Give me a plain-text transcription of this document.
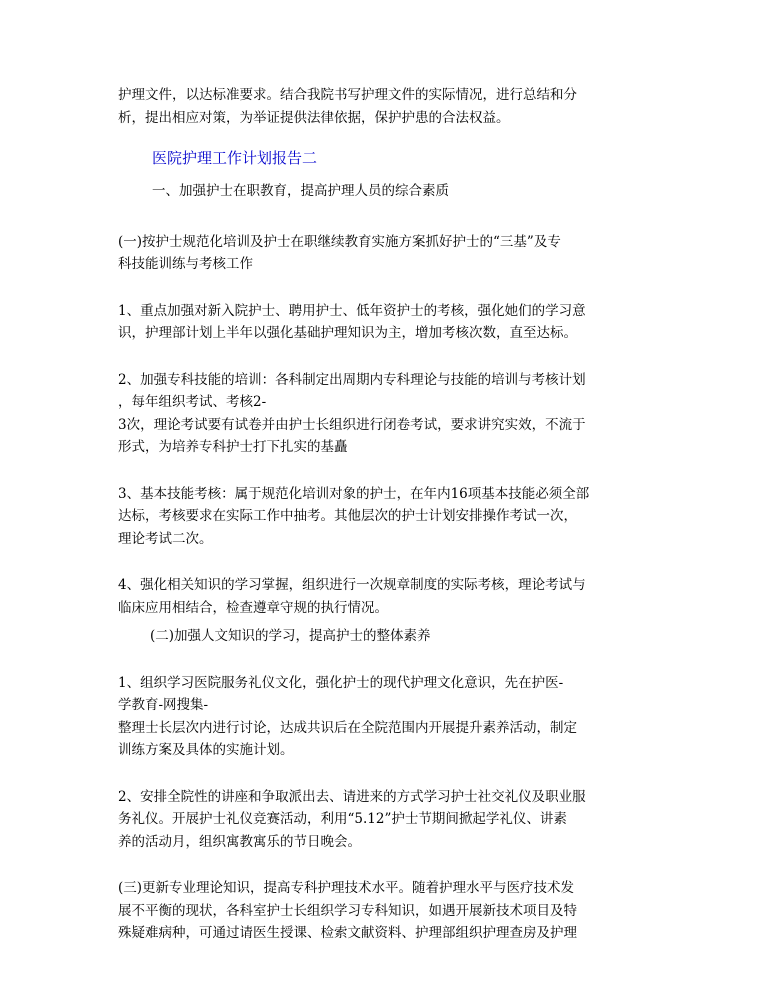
护理文件，以达标准要求。结合我院书写护理文件的实际情况，进行总结和分
析，提出相应对策，为举证提供法律依据，保护护患的合法权益。

医院护理工作计划报告二

一、加强护士在职教育，提高护理人员的综合素质

(一)按护士规范化培训及护士在职继续教育实施方案抓好护士的“三基”及专
科技能训练与考核工作

1、重点加强对新入院护士、聘用护士、低年资护士的考核，强化她们的学习意
识，护理部计划上半年以强化基础护理知识为主，增加考核次数，直至达标。

2、加强专科技能的培训：各科制定出周期内专科理论与技能的培训与考核计划
，每年组织考试、考核2-
3次，理论考试要有试卷并由护士长组织进行闭卷考试，要求讲究实效，不流于
形式，为培养专科护士打下扎实的基矗

3、基本技能考核：属于规范化培训对象的护士，在年内16项基本技能必须全部
达标，考核要求在实际工作中抽考。其他层次的护士计划安排操作考试一次，
理论考试二次。

4、强化相关知识的学习掌握，组织进行一次规章制度的实际考核，理论考试与
临床应用相结合，检查遵章守规的执行情况。

(二)加强人文知识的学习，提高护士的整体素养

1、组织学习医院服务礼仪文化，强化护士的现代护理文化意识，先在护医-
学教育-网搜集-
整理士长层次内进行讨论，达成共识后在全院范围内开展提升素养活动，制定
训练方案及具体的实施计划。

2、安排全院性的讲座和争取派出去、请进来的方式学习护士社交礼仪及职业服
务礼仪。开展护士礼仪竞赛活动，利用“5.12”护士节期间掀起学礼仪、讲素
养的活动月，组织寓教寓乐的节日晚会。

(三)更新专业理论知识，提高专科护理技术水平。随着护理水平与医疗技术发
展不平衡的现状，各科室护士长组织学习专科知识，如遇开展新技术项目及特
殊疑难病种，可通过请医生授课、检索文献资料、护理部组织护理查房及护理
